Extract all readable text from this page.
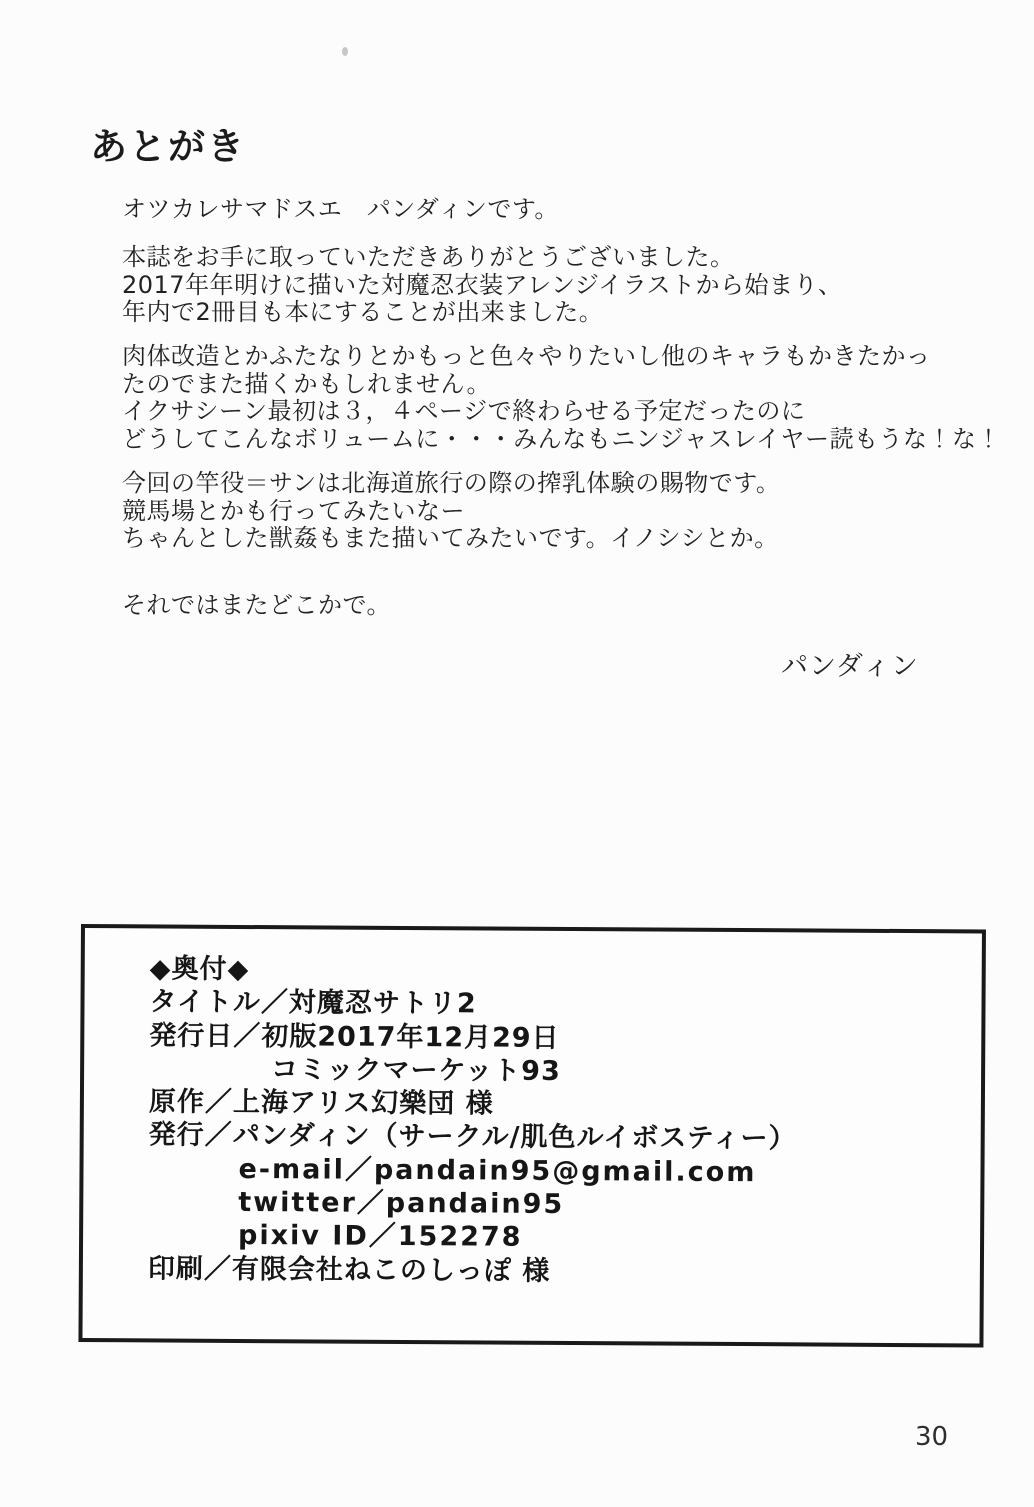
あとがき
オツカレサマドスエ　パンダィンです。
本誌をお手に取っていただきありがとうございました。
2017年年明けに描いた対魔忍衣装アレンジイラストから始まり、
年内で2冊目も本にすることが出来ました。
肉体改造とかふたなりとかもっと色々やりたいし他のキャラもかきたかっ
たのでまた描くかもしれません。
イクサシーン最初は３，４ページで終わらせる予定だったのに
どうしてこんなボリュームに・・・みんなもニンジャスレイヤー読もうな！な！
今回の竿役＝サンは北海道旅行の際の搾乳体験の賜物です。
競馬場とかも行ってみたいなー
ちゃんとした獣姦もまた描いてみたいです。イノシシとか。
それではまたどこかで。
パンダィン
◆奥付◆
タイトル／対魔忍サトリ2
発行日／初版2017年12月29日
コミックマーケット93
原作／上海アリス幻樂団 様
発行／パンダィン（サークル/肌色ルイボスティー）
e-mail／pandain95@gmail.com
twitter／pandain95
pixiv ID／152278
印刷／有限会社ねこのしっぽ 様
30
